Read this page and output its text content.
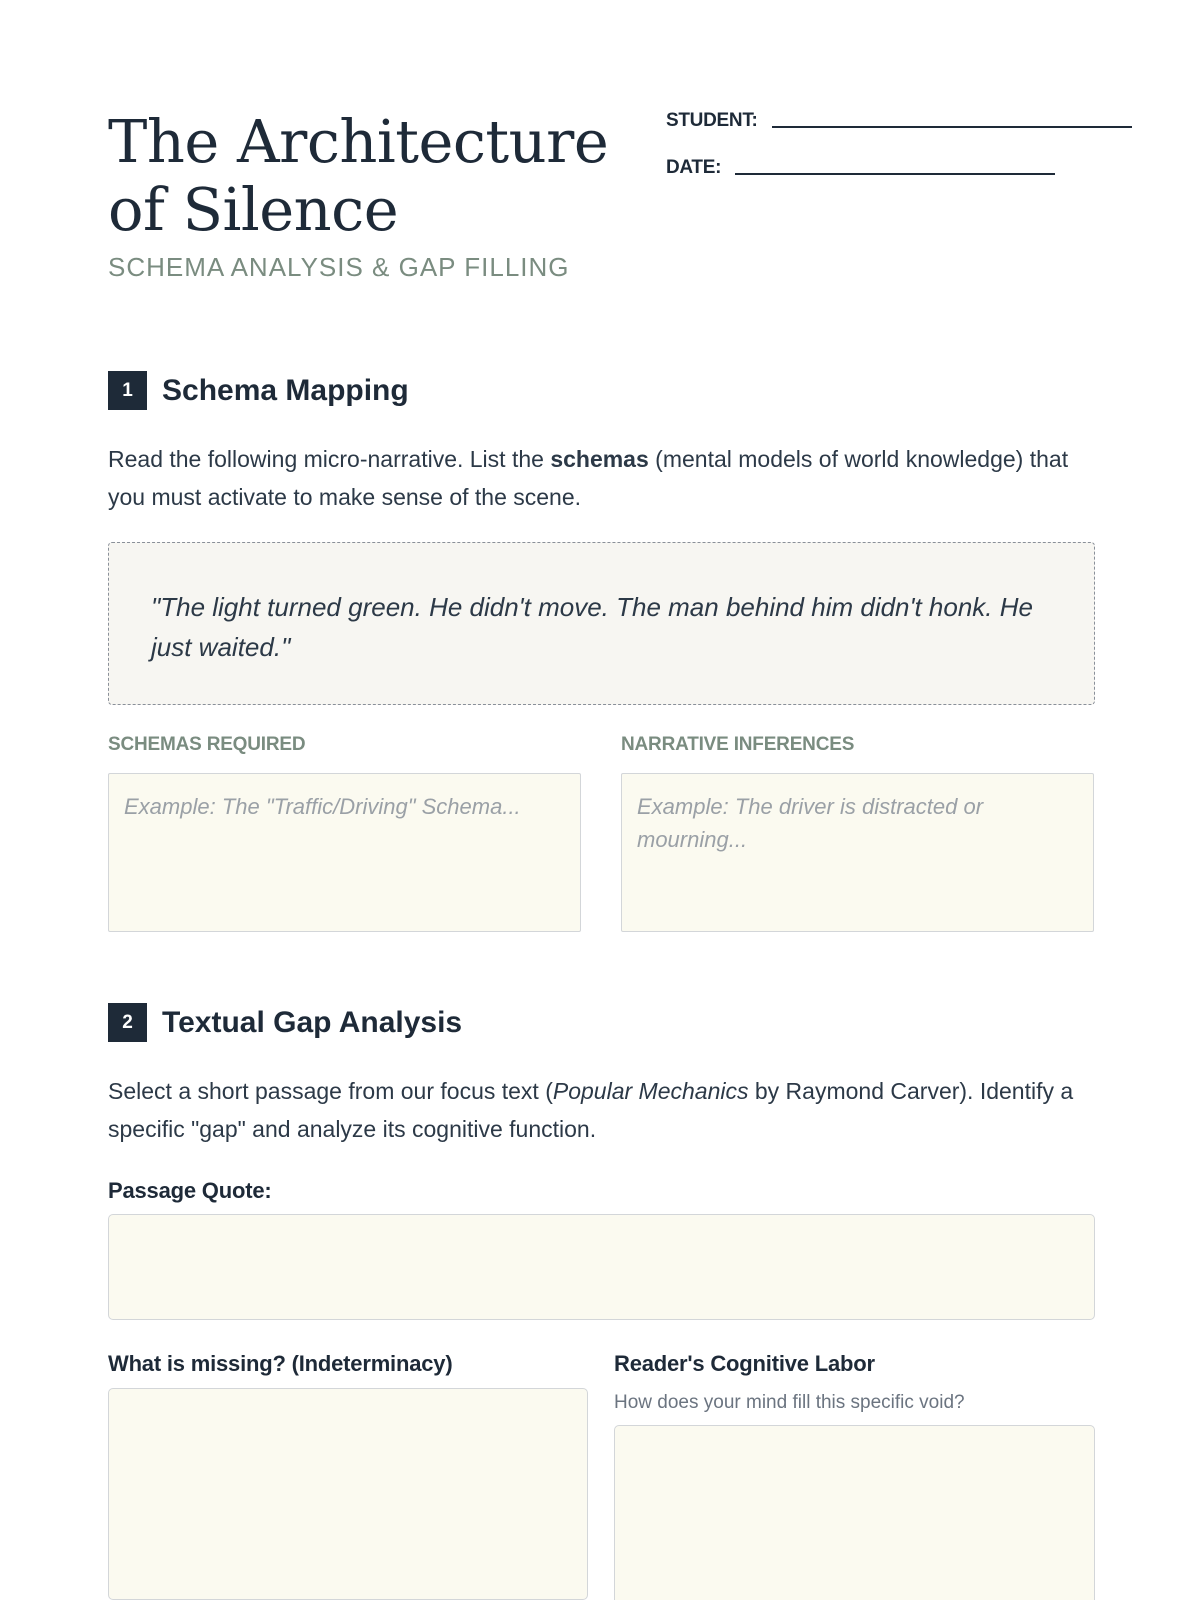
The Architecture of Silence
SCHEMA ANALYSIS & GAP FILLING
STUDENT:
DATE:
1 Schema Mapping

Read the following micro-narrative. List the schemas (mental models of world knowledge) that you must activate to make sense of the scene.

"The light turned green. He didn't move. The man behind him didn't honk. He just waited."
SCHEMAS REQUIRED	NARRATIVE INFERENCES
Example: The "Traffic/Driving" Schema...	Example: The driver is distracted or mourning...
2 Textual Gap Analysis

Select a short passage from our focus text (Popular Mechanics by Raymond Carver). Identify a specific "gap" and analyze its cognitive function.

Passage Quote:
What is missing? (Indeterminacy)	Reader's Cognitive Labor
How does your mind fill this specific void?
